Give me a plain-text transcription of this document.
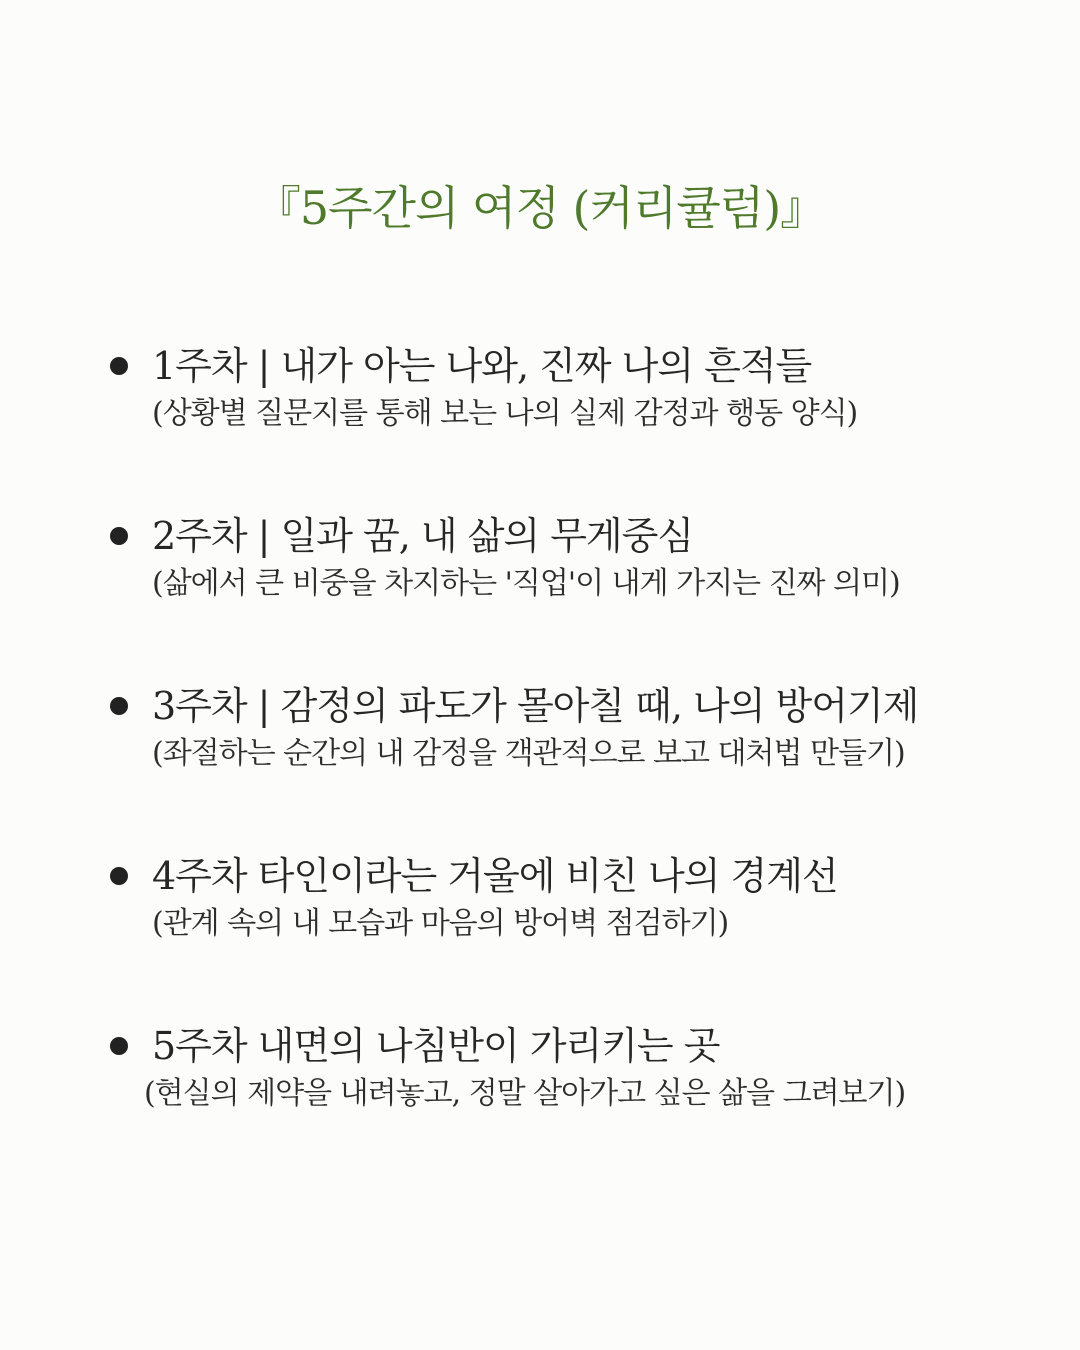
『5주간의 여정 (커리큘럼)』
1주차 | 내가 아는 나와, 진짜 나의 흔적들
(상황별 질문지를 통해 보는 나의 실제 감정과 행동 양식)
2주차 | 일과 꿈, 내 삶의 무게중심
(삶에서 큰 비중을 차지하는 '직업'이 내게 가지는 진짜 의미)
3주차 | 감정의 파도가 몰아칠 때, 나의 방어기제
(좌절하는 순간의 내 감정을 객관적으로 보고 대처법 만들기)
4주차 타인이라는 거울에 비친 나의 경계선
(관계 속의 내 모습과 마음의 방어벽 점검하기)
5주차 내면의 나침반이 가리키는 곳
(현실의 제약을 내려놓고, 정말 살아가고 싶은 삶을 그려보기)
